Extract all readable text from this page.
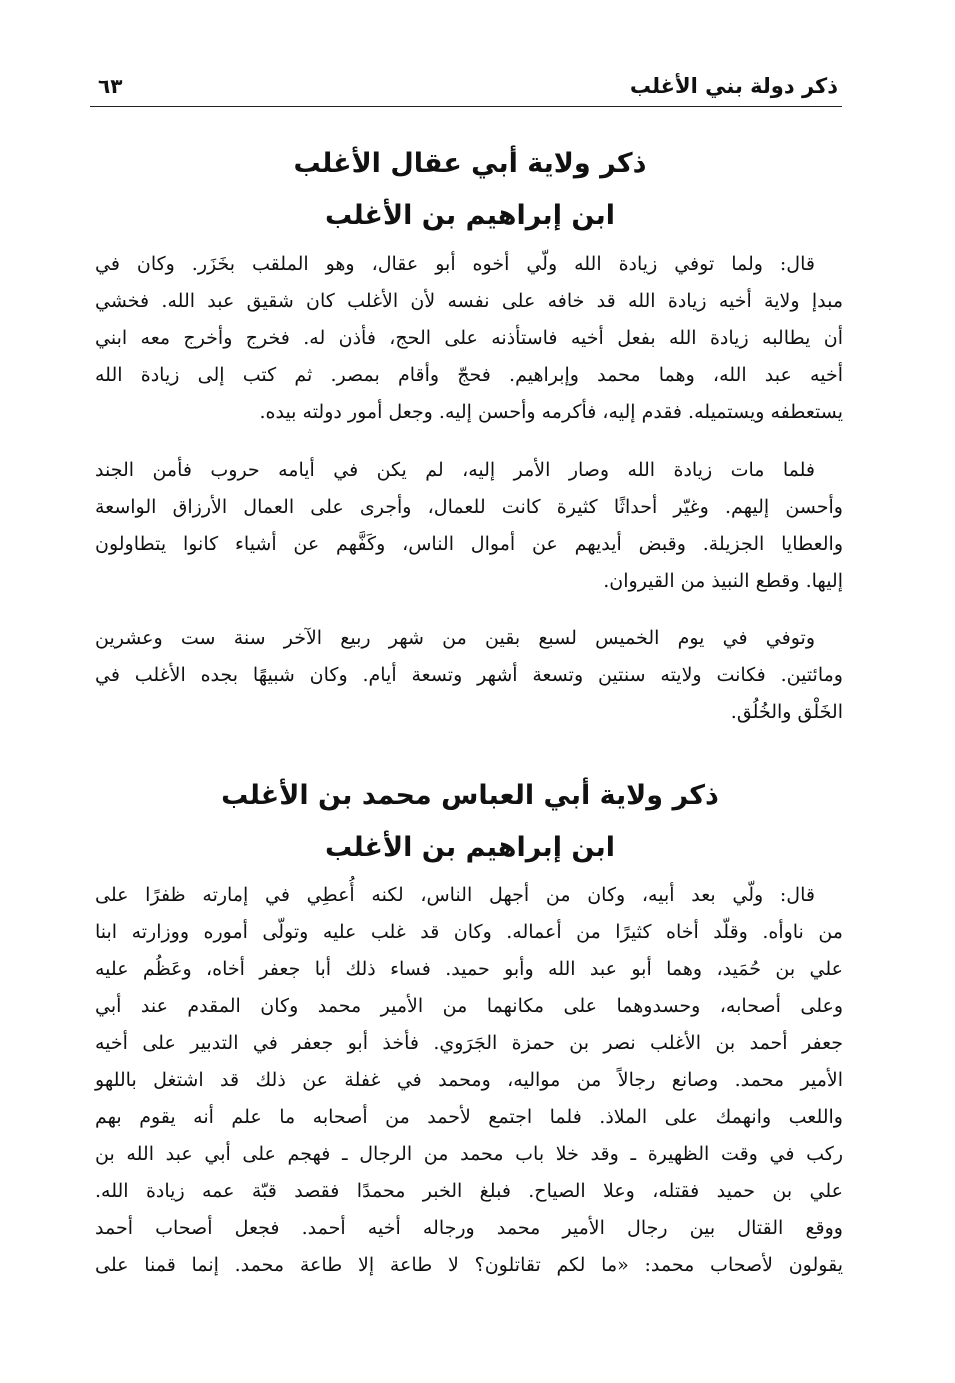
ذكر دولة بني الأغلب
٦٣
ذكر ولاية أبي عقال الأغلب
ابن إبراهيم بن الأغلب
قال: ولما توفي زيادة الله ولّي أخوه أبو عقال، وهو الملقب بخَزَر. وكان في
مبدإ ولاية أخيه زيادة الله قد خافه على نفسه لأن الأغلب كان شقيق عبد الله. فخشي
أن يطالبه زيادة الله بفعل أخيه فاستأذنه على الحج، فأذن له. فخرج وأخرج معه ابني
أخيه عبد الله، وهما محمد وإبراهيم. فحجّ وأقام بمصر. ثم كتب إلى زيادة الله
يستعطفه ويستميله. فقدم إليه، فأكرمه وأحسن إليه. وجعل أمور دولته بيده.
فلما مات زيادة الله وصار الأمر إليه، لم يكن في أيامه حروب فأمن الجند
وأحسن إليهم. وغيّر أحداثًا كثيرة كانت للعمال، وأجرى على العمال الأرزاق الواسعة
والعطايا الجزيلة. وقبض أيديهم عن أموال الناس، وكَفَّهم عن أشياء كانوا يتطاولون
إليها. وقطع النبيذ من القيروان.
وتوفي في يوم الخميس لسبع بقين من شهر ربيع الآخر سنة ست وعشرين
ومائتين. فكانت ولايته سنتين وتسعة أشهر وتسعة أيام. وكان شبيهًا بجده الأغلب في
الخَلْق والخُلُق.
ذكر ولاية أبي العباس محمد بن الأغلب
ابن إبراهيم بن الأغلب
قال: ولّي بعد أبيه، وكان من أجهل الناس، لكنه أُعطِي في إمارته ظفرًا على
من ناوأه. وقلّد أخاه كثيرًا من أعماله. وكان قد غلب عليه وتولّى أموره ووزارته ابنا
علي بن حُمَيد، وهما أبو عبد الله وأبو حميد. فساء ذلك أبا جعفر أخاه، وعَظُم عليه
وعلى أصحابه، وحسدوهما على مكانهما من الأمير محمد وكان المقدم عند أبي
جعفر أحمد بن الأغلب نصر بن حمزة الجَرَوي. فأخذ أبو جعفر في التدبير على أخيه
الأمير محمد. وصانع رجالاً من مواليه، ومحمد في غفلة عن ذلك قد اشتغل باللهو
واللعب وانهمك على الملاذ. فلما اجتمع لأحمد من أصحابه ما علم أنه يقوم بهم
ركب في وقت الظهيرة ـ وقد خلا باب محمد من الرجال ـ فهجم على أبي عبد الله بن
علي بن حميد فقتله، وعلا الصياح. فبلغ الخبر محمدًا فقصد قبّة عمه زيادة الله.
ووقع القتال بين رجال الأمير محمد ورجاله أخيه أحمد. فجعل أصحاب أحمد
يقولون لأصحاب محمد: «ما لكم تقاتلون؟ لا طاعة إلا طاعة محمد. إنما قمنا على
